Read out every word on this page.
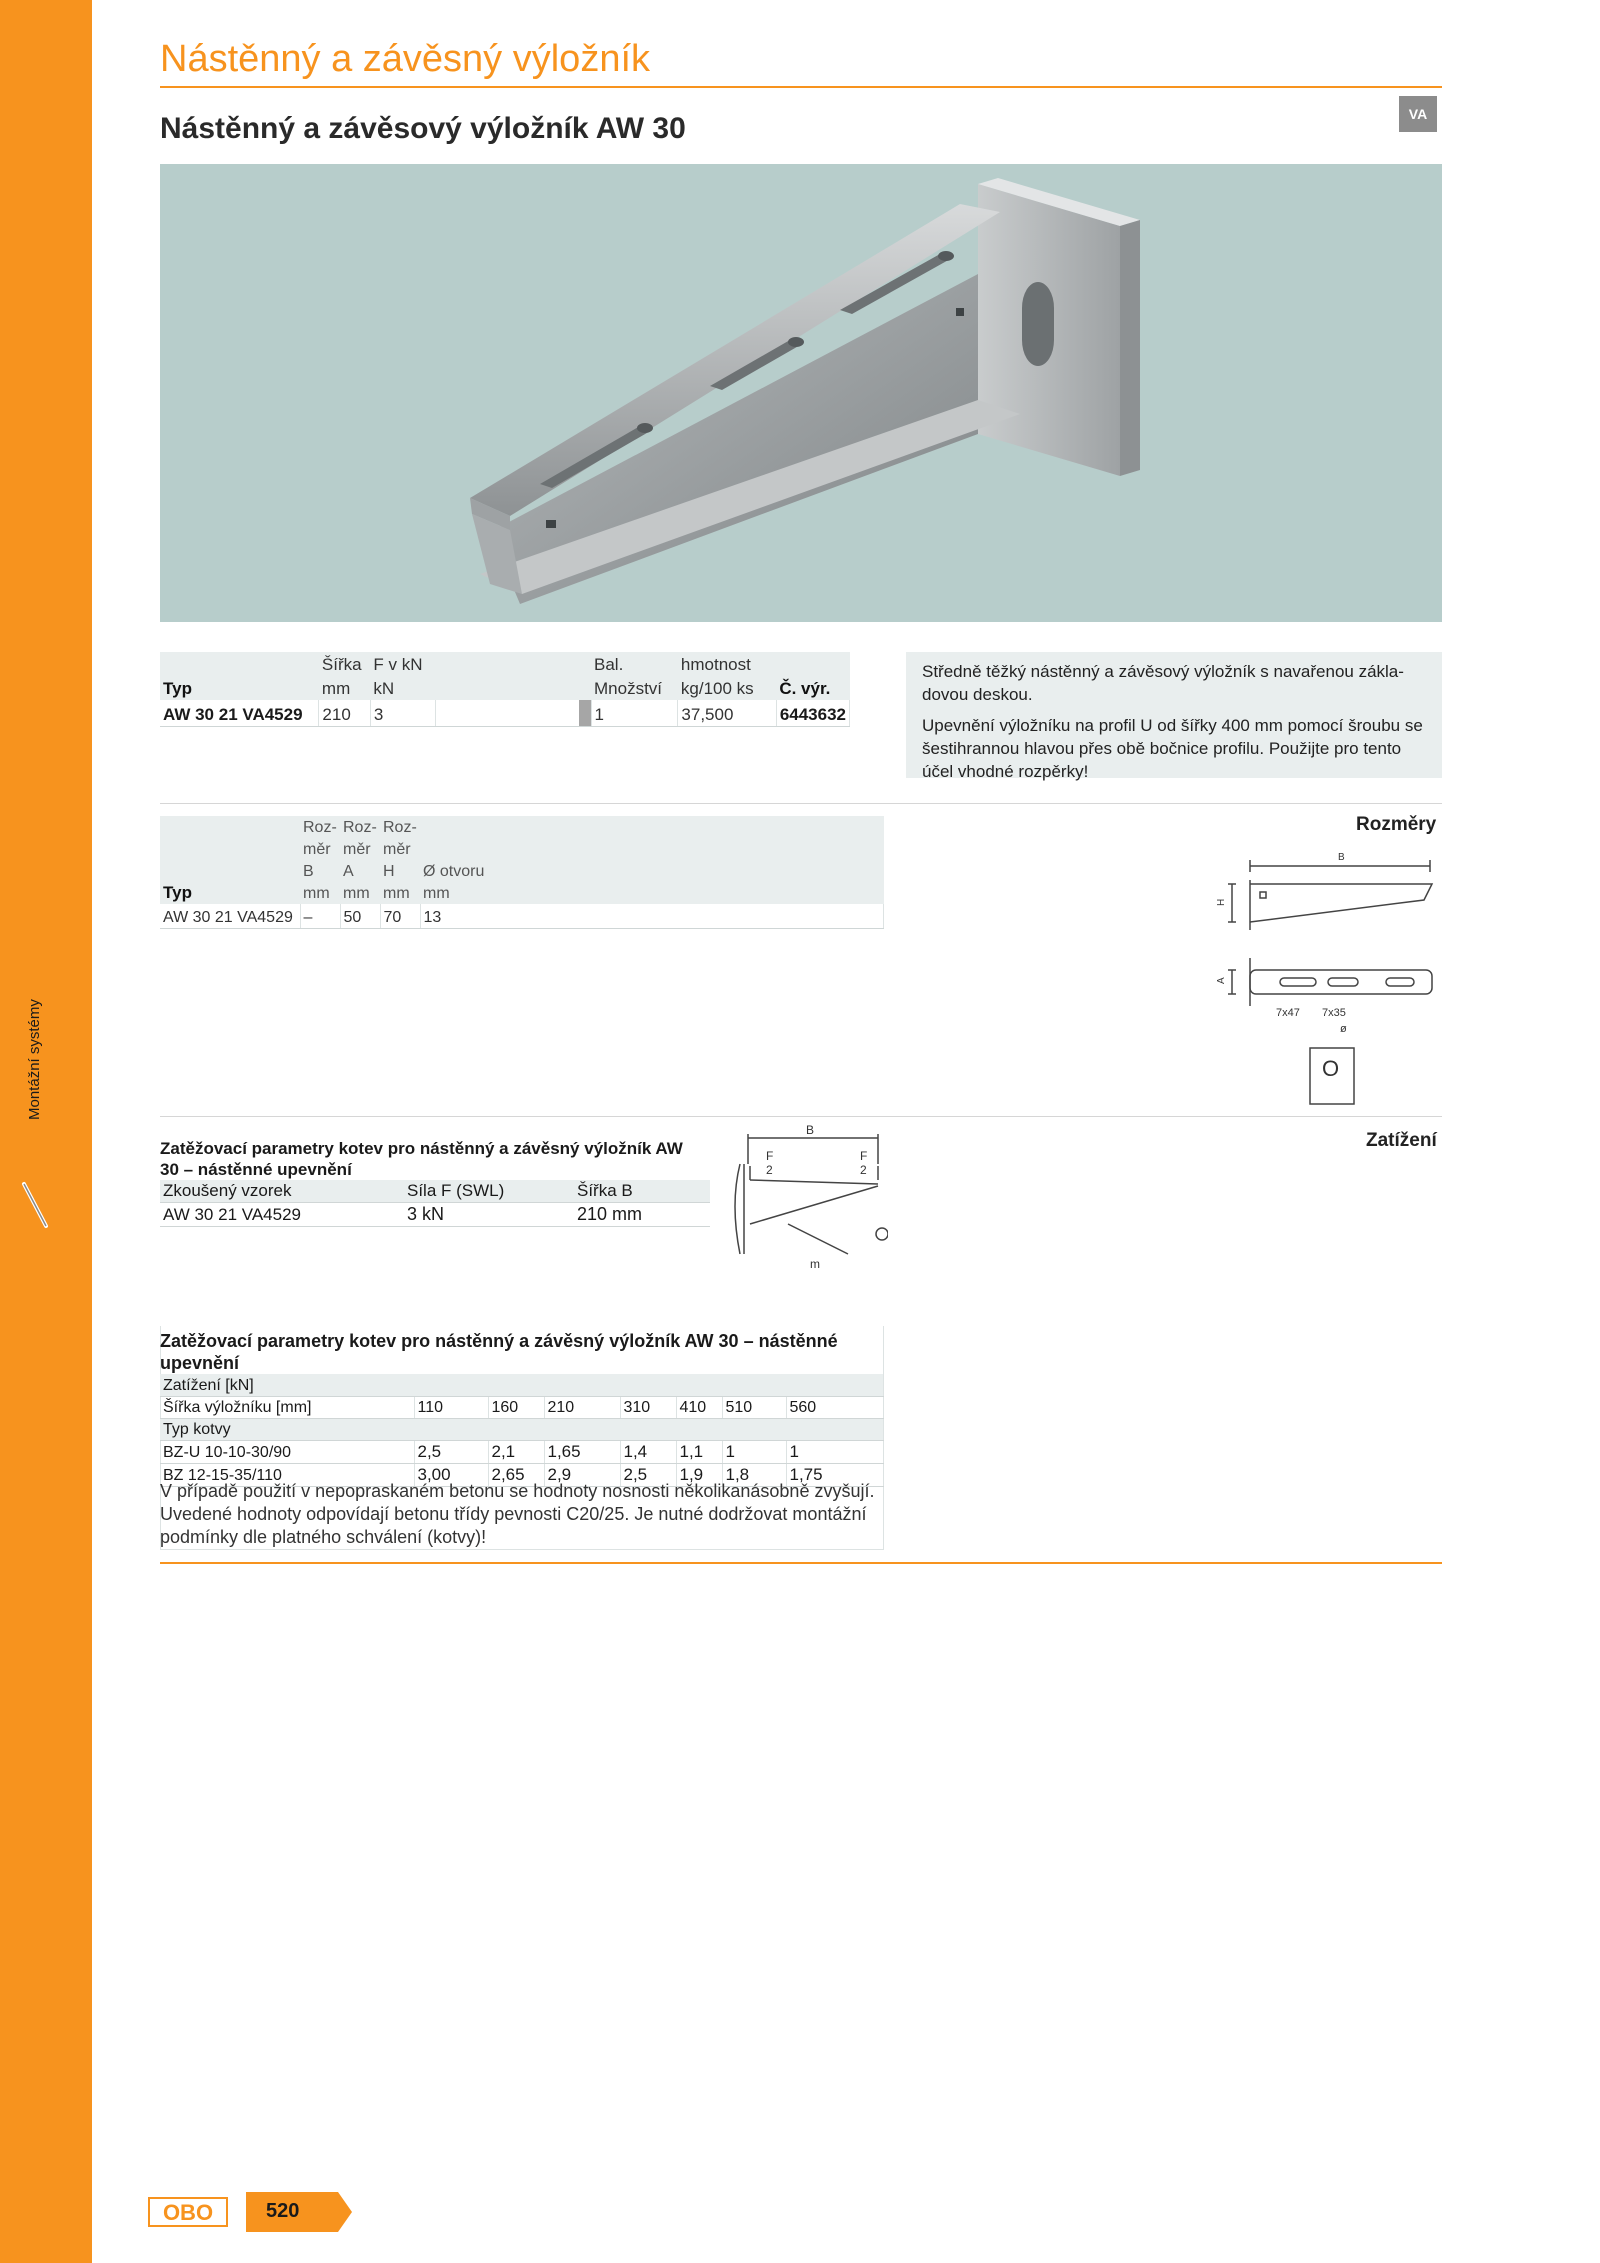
Montážní systémy
Nástěnný a závěsný výložník
Nástěnný a závěsový výložník AW 30	VA
	Šířka	F v kN		Bal.	hmotnost	
Typ	mm	kN		Množství	kg/100 ks	Č. výr.
AW 30 21 VA4529	210	3		1	37,500	6443632

Středně těžký nástěnný a závěsový výložník s navařenou zákla-dovou deskou.

Upevnění výložníku na profil U od šířky 400 mm pomocí šroubu se šestihrannou hlavou přes obě bočnice profilu. Použijte pro tento účel vhodné rozpěrky!

	Roz-	Roz-	Roz-	
	měr	měr	měr	
	B	A	H	Ø otvoru
Typ	mm	mm	mm	mm
AW 30 21 VA4529	–	50	70	13
Rozměry
B
H
A
7x47 7x35
ø
O
Zatížení
Zatěžovací parametry kotev pro nástěnný a závěsný výložník AW 30 – nástěnné upevnění
Zkoušený vzorek	Síla F (SWL)	Šířka B
AW 30 21 VA4529	3 kN	210 mm
B
F
2
F
2
m
Zatěžovací parametry kotev pro nástěnný a závěsný výložník AW 30 – nástěnné upevnění
Zatížení [kN]							
Šířka výložníku [mm]	110	160	210	310	410	510	560
Typ kotvy							
BZ-U 10-10-30/90	2,5	2,1	1,65	1,4	1,1	1	1
BZ 12-15-35/110	3,00	2,65	2,9	2,5	1,9	1,8	1,75
V případě použití v nepopraskaném betonu se hodnoty nosnosti několikanásobně zvyšují. Uvedené hodnoty odpovídají betonu třídy pevnosti C20/25. Je nutné dodržovat montážní podmínky dle platného schválení (kotvy)!
OBO	520
